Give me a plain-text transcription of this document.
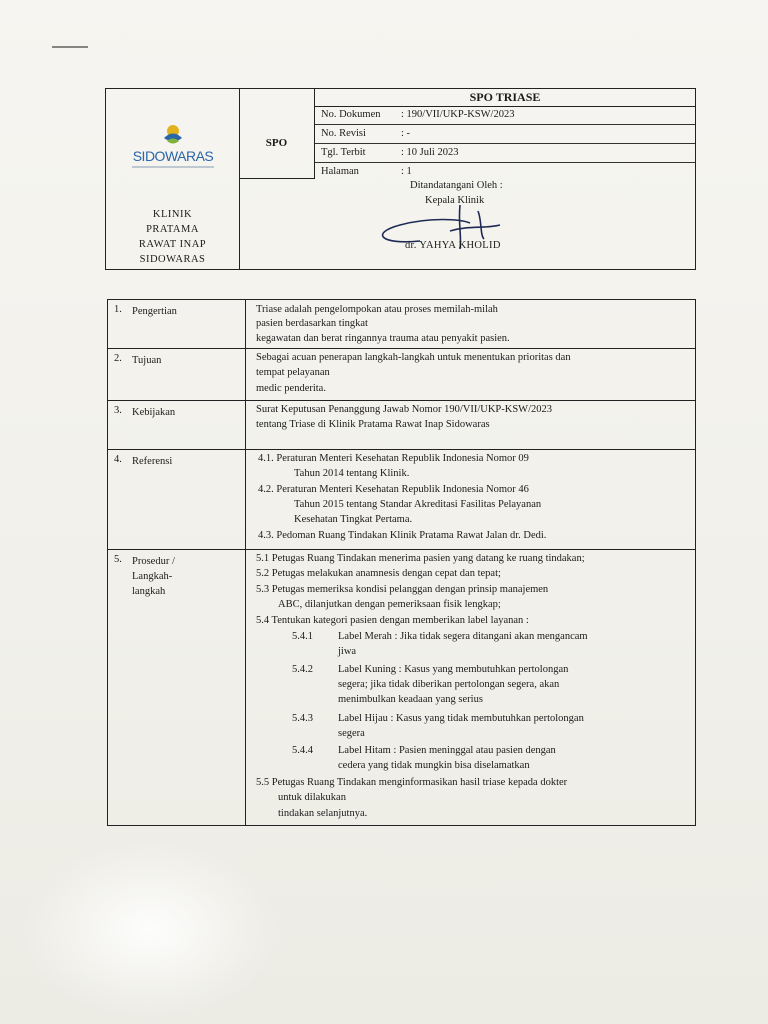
SIDOWARAS
KLINIK
PRATAMA
RAWAT INAP
SIDOWARAS
SPO
SPO TRIASE
No. Dokumen	: 190/VII/UKP-KSW/2023
No. Revisi	: -
Tgl. Terbit	: 10 Juli 2023
Halaman	: 1
Ditandatangani Oleh :
Kepala Klinik
dr. YAHYA KHOLID
1. Pengertian	Triase adalah pengelompokan atau proses memilah-milah
pasien berdasarkan tingkat
kegawatan dan berat ringannya trauma atau penyakit pasien.
2. Tujuan	Sebagai acuan penerapan langkah-langkah untuk menentukan prioritas dan
tempat pelayanan
medic penderita.
3. Kebijakan	Surat Keputusan Penanggung Jawab Nomor 190/VII/UKP-KSW/2023
tentang Triase di Klinik Pratama Rawat Inap Sidowaras
4. Referensi	4.1. Peraturan Menteri Kesehatan Republik Indonesia Nomor 09
Tahun 2014 tentang Klinik.
4.2. Peraturan Menteri Kesehatan Republik Indonesia Nomor 46
Tahun 2015 tentang Standar Akreditasi Fasilitas Pelayanan
Kesehatan Tingkat Pertama.
4.3. Pedoman Ruang Tindakan Klinik Pratama Rawat Jalan dr. Dedi.
5. Prosedur /
Langkah-
langkah
5.1 Petugas Ruang Tindakan menerima pasien yang datang ke ruang tindakan;
5.2 Petugas melakukan anamnesis dengan cepat dan tepat;
5.3 Petugas memeriksa kondisi pelanggan dengan prinsip manajemen
ABC, dilanjutkan dengan pemeriksaan fisik lengkap;
5.4 Tentukan kategori pasien dengan memberikan label layanan :
5.4.1 Label Merah : Jika tidak segera ditangani akan mengancam
jiwa
5.4.2 Label Kuning : Kasus yang membutuhkan pertolongan
segera; jika tidak diberikan pertolongan segera, akan
menimbulkan keadaan yang serius
5.4.3 Label Hijau : Kasus yang tidak membutuhkan pertolongan
segera
5.4.4 Label Hitam : Pasien meninggal atau pasien dengan
cedera yang tidak mungkin bisa diselamatkan
5.5 Petugas Ruang Tindakan menginformasikan hasil triase kepada dokter
untuk dilakukan
tindakan selanjutnya.
